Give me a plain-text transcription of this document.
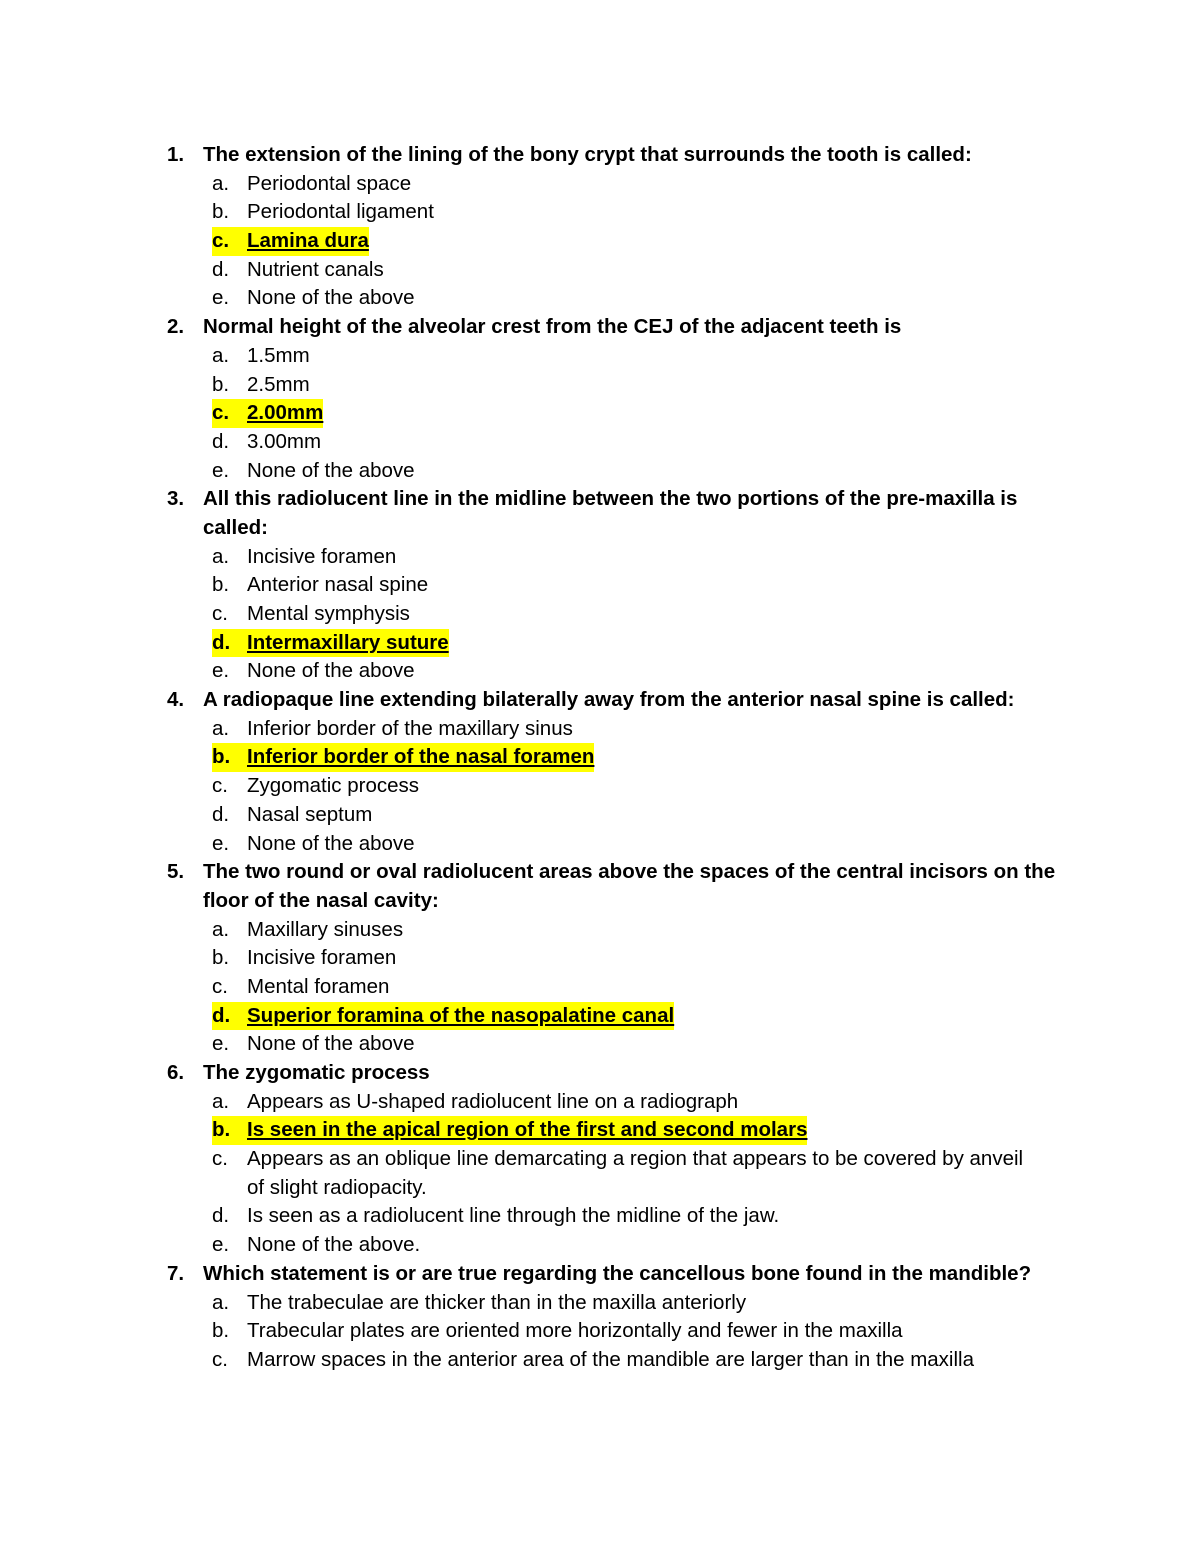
1. The extension of the lining of the bony crypt that surrounds the tooth is called:
a. Periodontal space
b. Periodontal ligament
c. Lamina dura
d. Nutrient canals
e. None of the above
2. Normal height of the alveolar crest from the CEJ of the adjacent teeth is
a. 1.5mm
b. 2.5mm
c. 2.00mm
d. 3.00mm
e. None of the above
3. All this radiolucent line in the midline between the two portions of the pre-maxilla is
called:
a. Incisive foramen
b. Anterior nasal spine
c. Mental symphysis
d. Intermaxillary suture
e. None of the above
4. A radiopaque line extending bilaterally away from the anterior nasal spine is called:
a. Inferior border of the maxillary sinus
b. Inferior border of the nasal foramen
c. Zygomatic process
d. Nasal septum
e. None of the above
5. The two round or oval radiolucent areas above the spaces of the central incisors on the
floor of the nasal cavity:
a. Maxillary sinuses
b. Incisive foramen
c. Mental foramen
d. Superior foramina of the nasopalatine canal
e. None of the above
6. The zygomatic process
a. Appears as U-shaped radiolucent line on a radiograph
b. Is seen in the apical region of the first and second molars
c. Appears as an oblique line demarcating a region that appears to be covered by anveil
of slight radiopacity.
d. Is seen as a radiolucent line through the midline of the jaw.
e. None of the above.
7. Which statement is or are true regarding the cancellous bone found in the mandible?
a. The trabeculae are thicker than in the maxilla anteriorly
b. Trabecular plates are oriented more horizontally and fewer in the maxilla
c. Marrow spaces in the anterior area of the mandible are larger than in the maxilla
